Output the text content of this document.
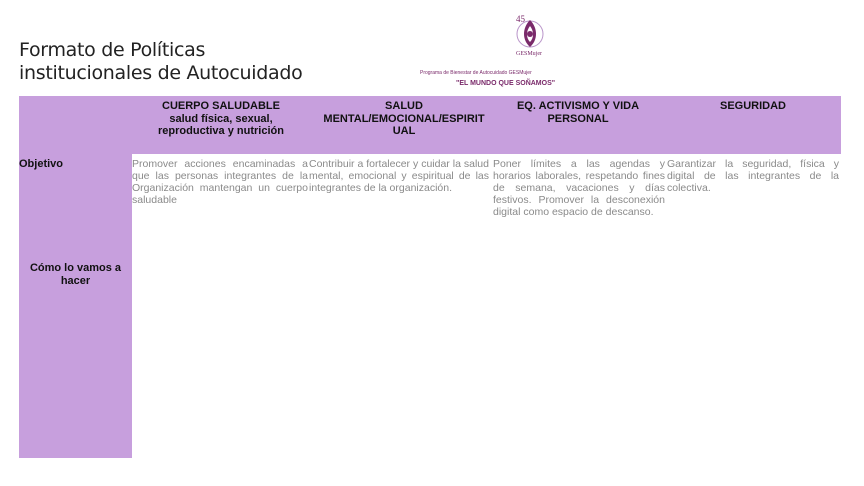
Formato de Políticas
institucionales de Autocuidado
45
GESMujer
Programa de Bienestar de Autocuidado GESMujer
"EL MUNDO QUE SOÑAMOS"
CUERPO SALUDABLE
salud física, sexual, reproductiva y nutrición
SALUD MENTAL/EMOCIONAL/ESPIRIT
UAL
EQ. ACTIVISMO Y VIDA
PERSONAL
SEGURIDAD
Objetivo
Cómo lo vamos a hacer
Promover acciones encaminadas a que las personas integrantes de la Organización mantengan un cuerpo saludable
Contribuir a fortalecer y cuidar la salud mental, emocional y espiritual de las integrantes de la organización.
Poner límites a las agendas y horarios laborales, respetando fines de semana, vacaciones y días festivos. Promover la desconexión digital como espacio de descanso.
Garantizar la seguridad, física y digital de las integrantes de la colectiva.
